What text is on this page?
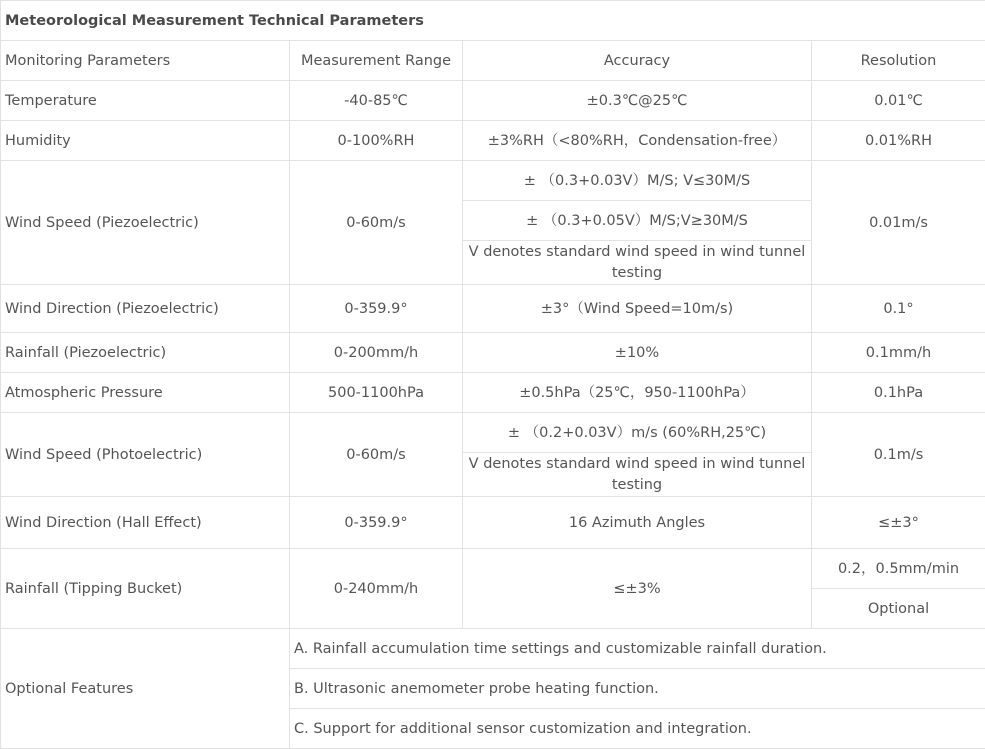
Meteorological Measurement Technical Parameters			
Monitoring Parameters	Measurement Range	Accuracy	Resolution
Temperature	-40-85℃	±0.3℃@25℃	0.01℃
Humidity	0-100%RH	±3%RH（<80%RH，Condensation-free）	0.01%RH
Wind Speed (Piezoelectric)	0-60m/s	± （0.3+0.03V）M/S; V≤30M/S	0.01m/s
		± （0.3+0.05V）M/S;V≥30M/S	
		V denotes standard wind speed in wind tunnel testing	
Wind Direction (Piezoelectric)	0-359.9°	±3°（Wind Speed=10m/s)	0.1°
Rainfall (Piezoelectric)	0-200mm/h	±10%	0.1mm/h
Atmospheric Pressure	500-1100hPa	±0.5hPa（25℃，950-1100hPa）	0.1hPa
Wind Speed (Photoelectric)	0-60m/s	± （0.2+0.03V）m/s (60%RH,25℃)	0.1m/s
		V denotes standard wind speed in wind tunnel testing	
Wind Direction (Hall Effect)	0-359.9°	16 Azimuth Angles	≤±3°
Rainfall (Tipping Bucket)	0-240mm/h	≤±3%	0.2，0.5mm/min
			Optional
Optional Features	A. Rainfall accumulation time settings and customizable rainfall duration.		
	B. Ultrasonic anemometer probe heating function.		
	C. Support for additional sensor customization and integration.		
